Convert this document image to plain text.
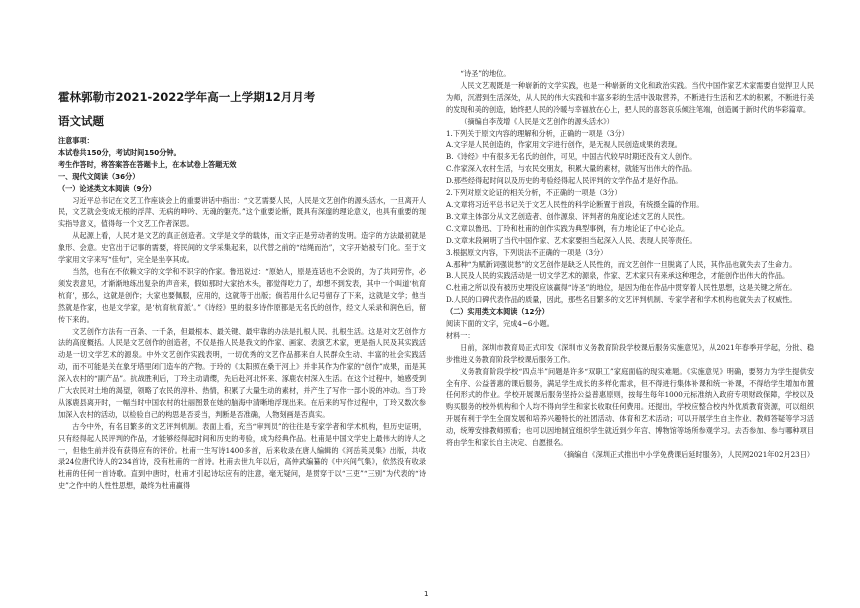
霍林郭勒市2021-2022学年高一上学期12月月考

语文试题

注意事项：

本试卷共150分，考试时间150分钟。

考生作答时，将答案答在答题卡上，在本试卷上答题无效

一、现代文阅读（36分）

（一）论述类文本阅读（9分）

习近平总书记在文艺工作座谈会上的重要讲话中指出：“文艺需要人民，人民是文艺创作的源头活水，一旦离开人民，文艺就会变成无根的浮萍、无病的呻吟、无魂的躯壳。”这个重要论断，既具有深邃的理论意义，也具有重要的现实指导意义，值得每一个文艺工作者深思。

从起源上看，人民才是文艺的真正创造者。文学是文学的载体，而文字正是劳动者的发明。造字的方法最初就是象形、会意。史官出于记事的需要，将民间的文学采集起来，以代替之前的“结绳而治”，文字开始被专门化。至于文学家用文字来写“佳句”，完全是坐享其成。

当然，也有在不依赖文字的文学和不识字的作家。鲁迅说过：“原始人，原是连话也不会说的，为了共同劳作，必须发表意见，才渐渐地练出复杂的声音来，假如那时大家抬木头，都觉得吃力了，却想不到发表，其中一个叫道‘杭育杭育’，那么，这就是创作；大家也要佩服，应用的，这就等于出版；倘若用什么记号留存了下来，这就是文学；他当然就是作家，也是文学家，是‘杭育杭育派’。”《诗经》里的很多诗作原都是无名氏的创作，经文人采录和润色后，留传下来的。

文艺创作方法有一百条、一千条，但最根本、最关键、最牢靠的办法是扎根人民、扎根生活。这是对文艺创作方法的高度概括。人民是文艺创作的创造者，不仅是指人民是我文的作家、画家、表演艺术家，更是指人民及其实践活动是一切文学艺术的源泉。中外文艺创作实践表明，一切优秀的文艺作品都来自人民群众生动、丰富的社会实践活动，而不可能是关在象牙塔里闭门造车的产物。于玲的《太阳照在桑干河上》并非其作为作家的“创作”成果，而是其深入农村的“副产品”。抗战胜利后，丁玲主动请缨，先后赴河北怀来、涿鹿农村深入生活。在这个过程中，她感受到广大农民对土地的渴望，领略了农民的淳朴、热情，积累了大量生动的素材，并产生了写作一部小说的冲动。当丁玲从涿鹿县离开时，一幅当时中国农村的壮丽图景在她的脑海中清晰地浮现出来。在后来的写作过程中，丁玲又数次参加深入农村的活动，以检验自己的构思是否妥当，判断是否准确，人物刻画是否真实。

古今中外，有名目繁多的文艺评判机制。表面上看，充当“审判员”的往往是专家学者和学术机构，但历史证明，只有经得起人民评判的作品，才能够经得起时间和历史的考验，成为经典作品。杜甫是中国文学史上最伟大的诗人之一，但他生前并没有获得应有的评价。杜甫一生写诗1400多首，后来收录在唐人编辑的《河岳英灵集》出版，共收录24位唐代诗人的234首诗，没有杜甫的一首诗。杜甫去世九年以后，高仲武编纂的《中兴间气集》，依然没有收录杜甫的任何一首诗歌。直到中唐时，杜甫才引起诗坛应有的注意，毫无疑问，是贯穿于以“三吏”“三别”为代表的“诗史”之作中的人性性思想，最终为杜甫赢得

“诗圣”的地位。

人民文艺观既是一种崭新的文学实践，也是一种崭新的文化和政治实践。当代中国作家艺术家需要自觉捍卫人民为师，沉潜到生活深处，从人民的伟大实践和丰富多彩的生活中汲取营养，不断进行生活和艺术的积累，不断进行美的发现和美的创造，始终把人民的冷暖与幸福放在心上，把人民的喜怒哀乐倾注笔端，创造属于新时代的华彩篇章。

（摘编自李茂增《人民是文艺创作的源头活水》）

1.下列关于原文内容的理解和分析，正确的一项是（3分）

A.文字是人民创造的，作家用文字进行创作，是无视人民创造成果的表现。

B.《诗经》中有很多无名氏的创作，可见，中国古代较早时期还没有文人创作。

C.作家深入农村生活，与农民交朋友，积累大量的素材，就能写出伟大的作品。

D.那些经得起时间以及历史的考验经得起人民评判的文学作品才是好作品。

2.下列对原文论证的相关分析，不正确的一项是（3分）

A.文章将习近平总书记关于文艺人民性的科学论断置于首段，有统摄全篇的作用。

B.文章主体部分从文艺创造者、创作源泉、评判者的角度论述文艺的人民性。

C.文章以鲁迅、丁玲和杜甫的创作实践为典型事例，有力地论证了中心论点。

D.文章末段阐明了当代中国作家、艺术家要担当起深入人民、表现人民等责任。

3.根据原文内容，下列说法不正确的一项是（3分）

A.那种“为赋新词强说愁”的文艺创作是缺乏人民性的，而文艺创作一旦脱离了人民，其作品也就失去了生命力。

B.人民及人民的实践活动是一切文学艺术的源泉，作家、艺术家只有来承这种理念，才能创作出伟大的作品。

C.杜甫之所以没有被历史埋没应该赢得“诗圣”的地位，是因为他在作品中贯穿着人民性思想，这是关键之所在。

D.人民的口碑代表作品的质量，因此，那些名目繁多的文艺评判机制、专家学者和学术机构也就失去了权威性。

（二）实用类文本阅读（12分）

阅读下面的文字，完成4~6小题。

材料一：

日前，深圳市教育局正式印发《深圳市义务教育阶段学校课后服务实施意见》，从2021年春季开学起，分批、稳步推进义务教育阶段学校课后服务工作。

义务教育阶段学校“四点半”问题是许多“双职工”家庭面临的现实难题。《实施意见》明确，要努力为学生提供安全有序、公益普惠的课后服务，满足学生成长的多样化需求，但不得进行集体补课和统一补课，不得给学生增加布置任何形式的作业。学校开展课后服务坚持公益普惠原则，按每生每年1000元标准纳入政府专项财政保障，学校以及购买服务的校外机构和个人均不得向学生和家长收取任何费用。还提出，学校应整合校内外优质教育资源，可以组织开展有利于学生全面发展和培养兴趣特长的社团活动、体育和艺术活动；可以开展学生自主作业、教师答疑等学习活动，统筹安排教师照看；也可以因地制宜组织学生就近到少年宫、博物馆等场所参观学习。去否参加、参与哪种项目将由学生和家长自主决定、自愿报名。

（摘编自《深圳正式推出中小学免费课后延时服务》，人民网2021年02月23日）

1
